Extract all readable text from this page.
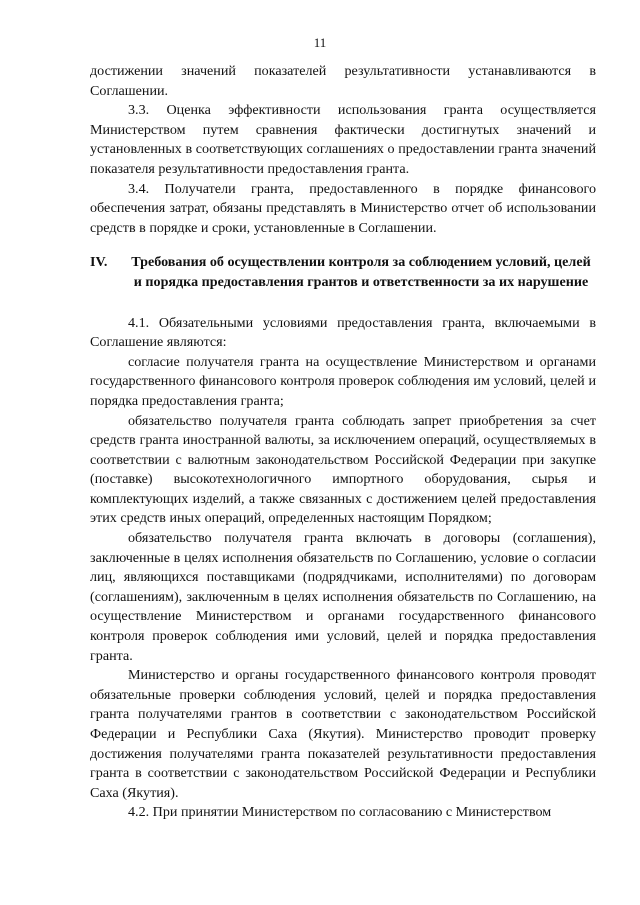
11

достижении значений показателей результативности устанавливаются в Соглашении.

3.3. Оценка эффективности использования гранта осуществляется Министерством путем сравнения фактически достигнутых значений и установленных в соответствующих соглашениях о предоставлении гранта значений показателя результативности предоставления гранта.

3.4. Получатели гранта, предоставленного в порядке финансового обеспечения затрат, обязаны представлять в Министерство отчет об использовании средств в порядке и сроки, установленные в Соглашении.

IV.	Требования об осуществлении контроля за соблюдением условий, целей и порядка предоставления грантов и ответственности за их нарушение

4.1. Обязательными условиями предоставления гранта, включаемыми в Соглашение являются:

согласие получателя гранта на осуществление Министерством и органами государственного финансового контроля проверок соблюдения им условий, целей и порядка предоставления гранта;

обязательство получателя гранта соблюдать запрет приобретения за счет средств гранта иностранной валюты, за исключением операций, осуществляемых в соответствии с валютным законодательством Российской Федерации при закупке (поставке) высокотехнологичного импортного оборудования, сырья и комплектующих изделий, а также связанных с достижением целей предоставления этих средств иных операций, определенных настоящим Порядком;

обязательство получателя гранта включать в договоры (соглашения), заключенные в целях исполнения обязательств по Соглашению, условие о согласии лиц, являющихся поставщиками (подрядчиками, исполнителями) по договорам (соглашениям), заключенным в целях исполнения обязательств по Соглашению, на осуществление Министерством и органами государственного финансового контроля проверок соблюдения ими условий, целей и порядка предоставления гранта.

Министерство и органы государственного финансового контроля проводят обязательные проверки соблюдения условий, целей и порядка предоставления гранта получателями грантов в соответствии с законодательством Российской Федерации и Республики Саха (Якутия). Министерство проводит проверку достижения получателями гранта показателей результативности предоставления гранта в соответствии с законодательством Российской Федерации и Республики Саха (Якутия).

4.2. При принятии Министерством по согласованию с Министерством
